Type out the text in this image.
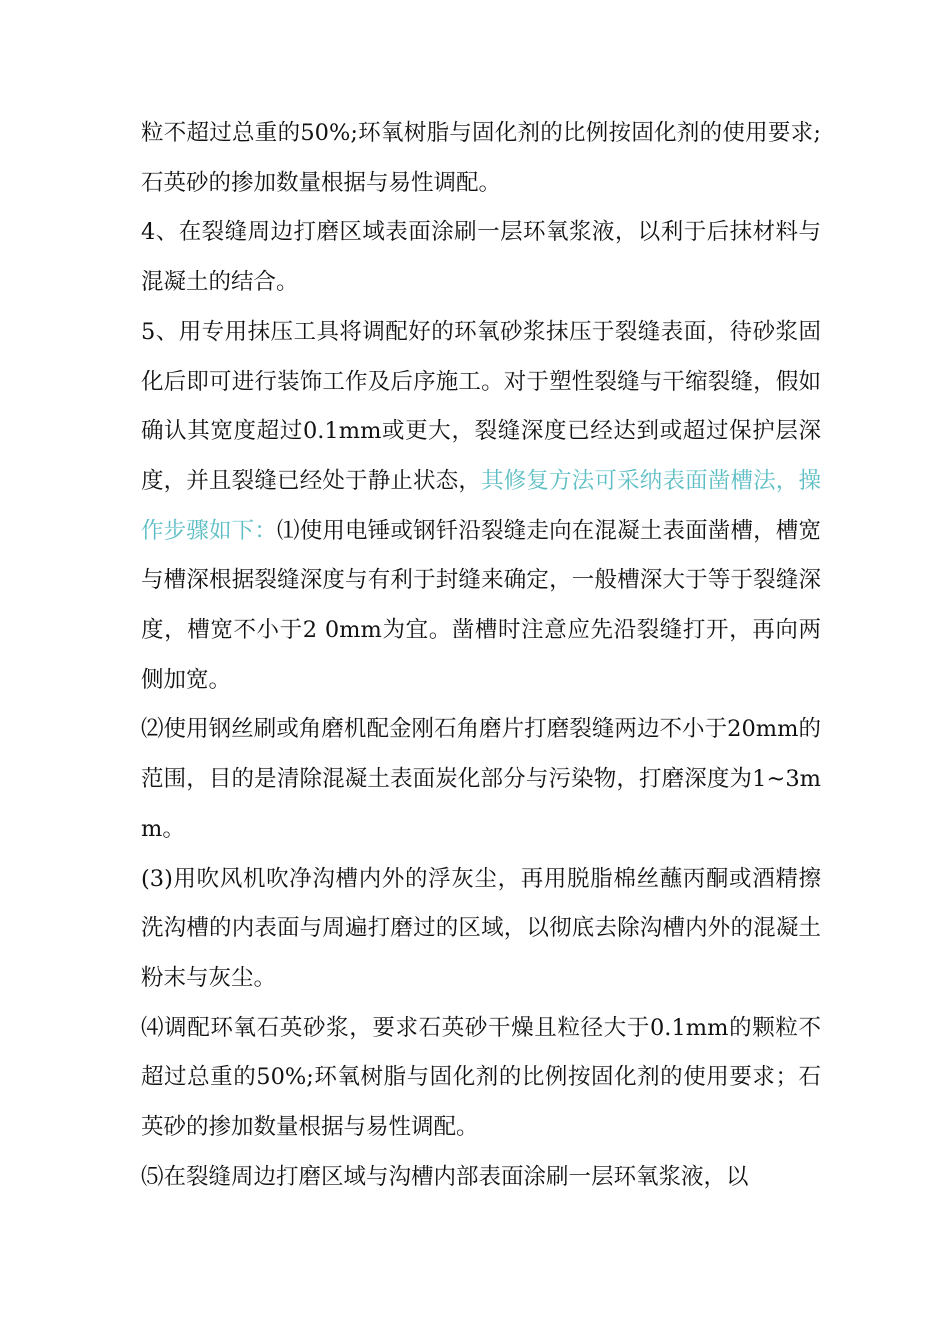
粒不超过总重的50%;环氧树脂与固化剂的比例按固化剂的使用要求;石英砂的掺加数量根据与易性调配。

4、在裂缝周边打磨区域表面涂刷一层环氧浆液，以利于后抹材料与混凝土的结合。

5、用专用抹压工具将调配好的环氧砂浆抹压于裂缝表面，待砂浆固化后即可进行装饰工作及后序施工。对于塑性裂缝与干缩裂缝，假如确认其宽度超过0.1mm或更大，裂缝深度已经达到或超过保护层深度，并且裂缝已经处于静止状态，其修复方法可采纳表面凿槽法，操作步骤如下：⑴使用电锤或钢钎沿裂缝走向在混凝土表面凿槽，槽宽与槽深根据裂缝深度与有利于封缝来确定，一般槽深大于等于裂缝深度，槽宽不小于2 0mm为宜。凿槽时注意应先沿裂缝打开，再向两侧加宽。

⑵使用钢丝刷或角磨机配金刚石角磨片打磨裂缝两边不小于20mm的范围，目的是清除混凝土表面炭化部分与污染物，打磨深度为1~3mm。

(3)用吹风机吹净沟槽内外的浮灰尘，再用脱脂棉丝蘸丙酮或酒精擦洗沟槽的内表面与周遍打磨过的区域，以彻底去除沟槽内外的混凝土粉末与灰尘。

⑷调配环氧石英砂浆，要求石英砂干燥且粒径大于0.1mm的颗粒不超过总重的50%;环氧树脂与固化剂的比例按固化剂的使用要求；石英砂的掺加数量根据与易性调配。

⑸在裂缝周边打磨区域与沟槽内部表面涂刷一层环氧浆液，以
